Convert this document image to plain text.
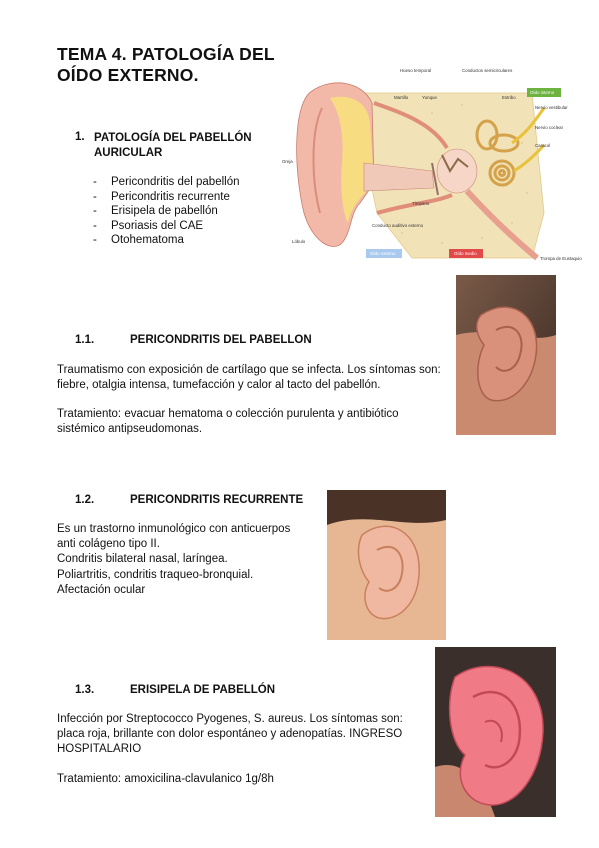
TEMA 4. PATOLOGÍA DEL OÍDO EXTERNO.
1. PATOLOGÍA DEL PABELLÓN AURICULAR
- Pericondritis del pabellón
- Pericondritis recurrente
- Erisipela de pabellón
- Psoriasis del CAE
- Otohematoma
Hueso temporal	Conductos semicirculares
Martillo	Yunque	Estribo
Oído interno
Nervio vestibular
Nervio coclear
Caracol
Oreja
Tímpano
Conducto auditivo externo
Lóbulo
Oído externo	Oído medio
Trompa de Eustaquio
1.1.	PERICONDRITIS DEL PABELLON
Traumatismo con exposición de cartílago que se infecta. Los síntomas son: fiebre, otalgia intensa, tumefacción y calor al tacto del pabellón.
Tratamiento: evacuar hematoma o colección purulenta y antibiótico sistémico antipseudomonas.
1.2.	PERICONDRITIS RECURRENTE
Es un trastorno inmunológico con anticuerpos
anti colágeno tipo II.
Condritis bilateral nasal, laríngea.
Poliartritis, condritis traqueo-bronquial.
Afectación ocular
1.3.	ERISIPELA DE PABELLÓN
Infección por Streptococco Pyogenes, S. aureus. Los síntomas son: placa roja, brillante con dolor espontáneo y adenopatías. INGRESO HOSPITALARIO
Tratamiento: amoxicilina-clavulanico 1g/8h
